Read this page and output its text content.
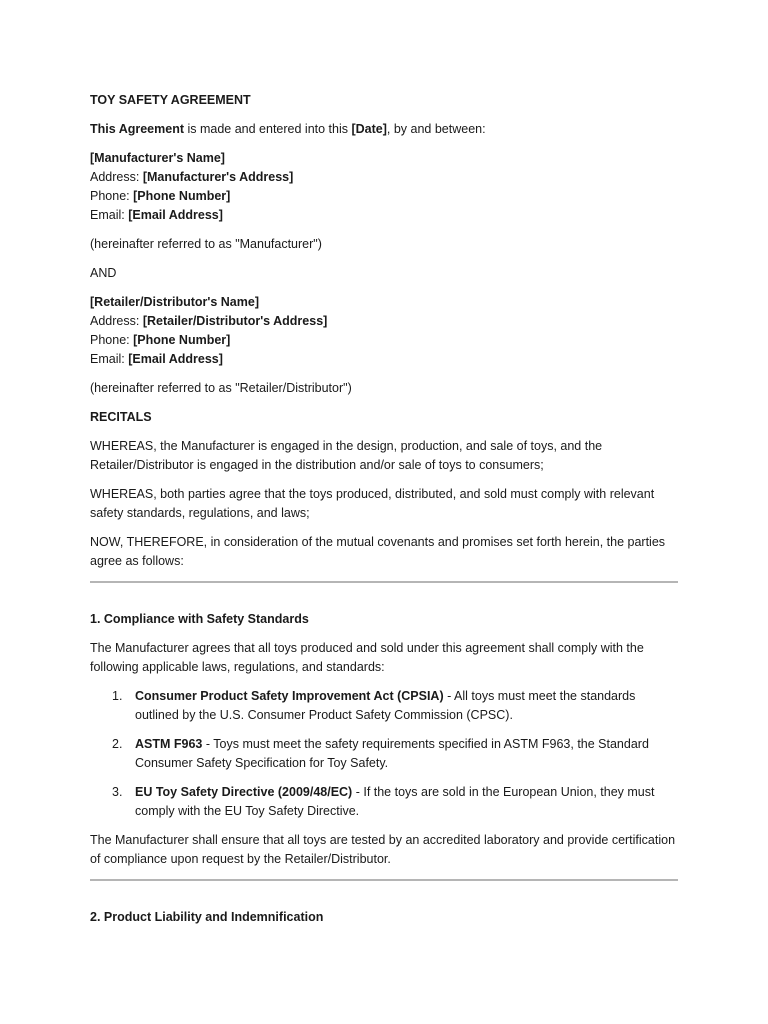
TOY SAFETY AGREEMENT

This Agreement is made and entered into this [Date], by and between:

[Manufacturer's Name]

Address: [Manufacturer's Address]

Phone: [Phone Number]

Email: [Email Address]

(hereinafter referred to as "Manufacturer")

AND

[Retailer/Distributor's Name]

Address: [Retailer/Distributor's Address]

Phone: [Phone Number]

Email: [Email Address]

(hereinafter referred to as "Retailer/Distributor")

RECITALS

WHEREAS, the Manufacturer is engaged in the design, production, and sale of toys, and the Retailer/Distributor is engaged in the distribution and/or sale of toys to consumers;

WHEREAS, both parties agree that the toys produced, distributed, and sold must comply with relevant safety standards, regulations, and laws;

NOW, THEREFORE, in consideration of the mutual covenants and promises set forth herein, the parties agree as follows:

1. Compliance with Safety Standards

The Manufacturer agrees that all toys produced and sold under this agreement shall comply with the following applicable laws, regulations, and standards:

1. Consumer Product Safety Improvement Act (CPSIA) - All toys must meet the standards outlined by the U.S. Consumer Product Safety Commission (CPSC).
2. ASTM F963 - Toys must meet the safety requirements specified in ASTM F963, the Standard Consumer Safety Specification for Toy Safety.
3. EU Toy Safety Directive (2009/48/EC) - If the toys are sold in the European Union, they must comply with the EU Toy Safety Directive.

The Manufacturer shall ensure that all toys are tested by an accredited laboratory and provide certification of compliance upon request by the Retailer/Distributor.

2. Product Liability and Indemnification
